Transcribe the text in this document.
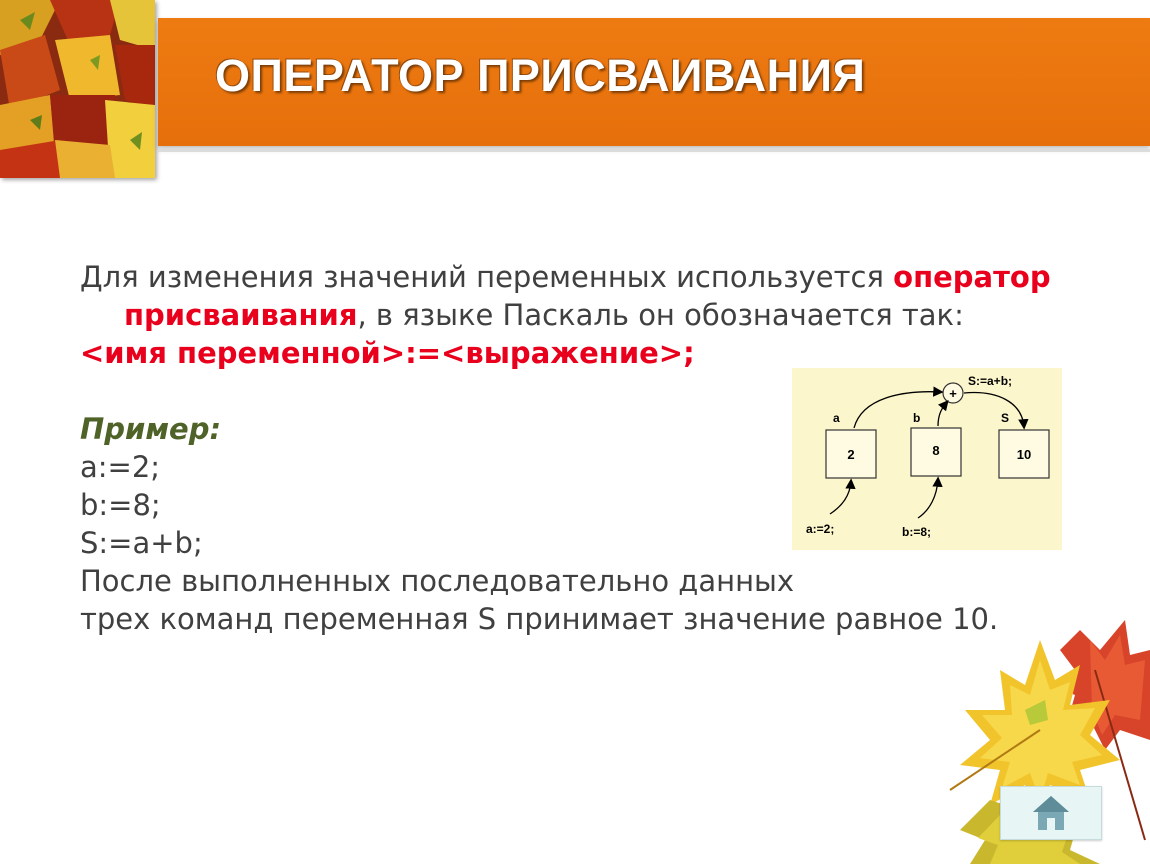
ОПЕРАТОР ПРИСВАИВАНИЯ
Для изменения значений переменных используется оператор
присваивания, в языке Паскаль он обозначается так:
<имя переменной>:=<выражение>;
Пример:
a:=2;
b:=8;
S:=a+b;
После выполненных последовательно данных
трех команд переменная S принимает значение равное 10.
2	8	10
a	b	S
+
S:=a+b;
a:=2;	b:=8;
